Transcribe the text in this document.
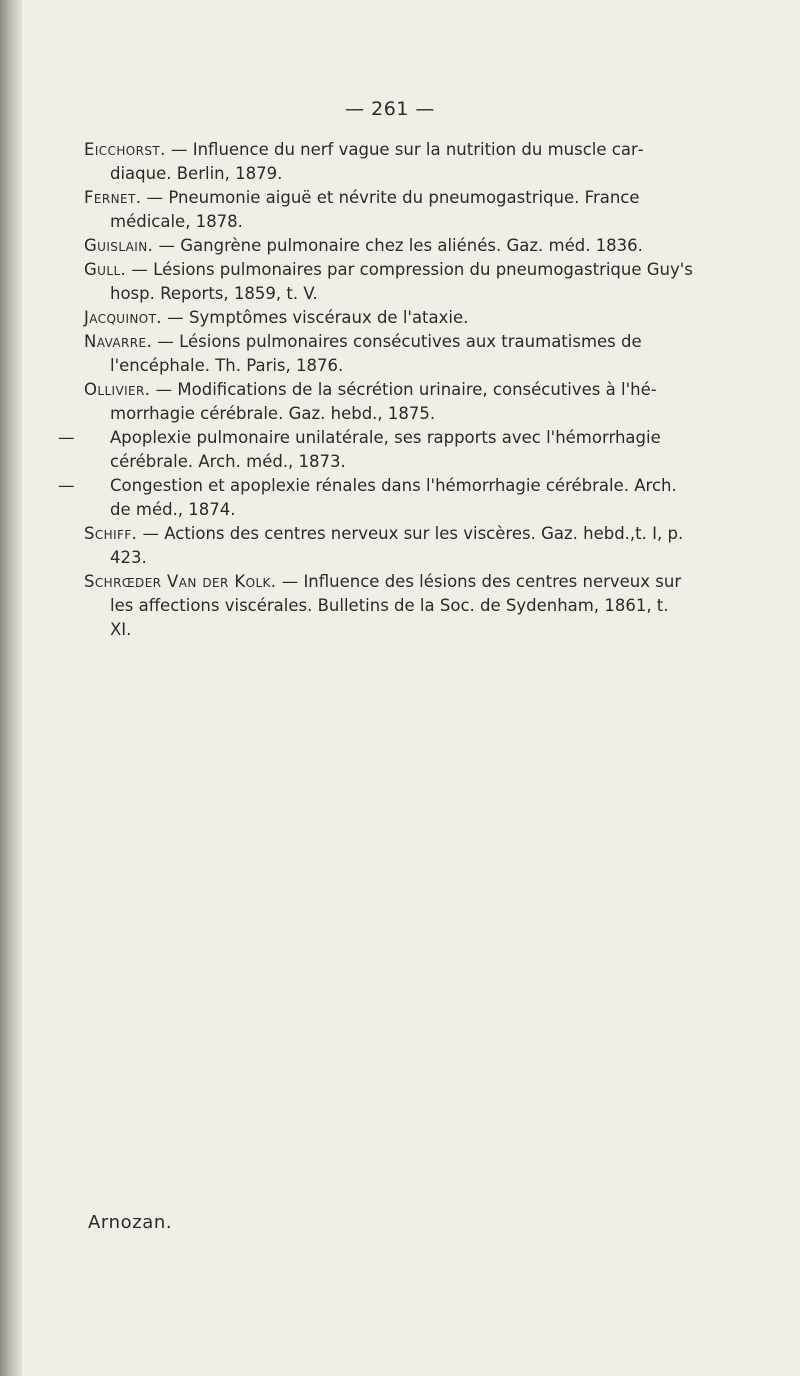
— 261 —

Eicchorst. — Influence du nerf vague sur la nutrition du muscle cardiaque. Berlin, 1879.

Fernet. — Pneumonie aiguë et névrite du pneumogastrique. France médicale, 1878.

Guislain. — Gangrène pulmonaire chez les aliénés. Gaz. méd. 1836.

Gull. — Lésions pulmonaires par compression du pneumogastrique Guy's hosp. Reports, 1859, t. V.

Jacquinot. — Symptômes viscéraux de l'ataxie.

Navarre. — Lésions pulmonaires consécutives aux traumatismes de l'encéphale. Th. Paris, 1876.

Ollivier. — Modifications de la sécrétion urinaire, consécutives à l'hémorrhagie cérébrale. Gaz. hebd., 1875.

— Apoplexie pulmonaire unilatérale, ses rapports avec l'hémorrhagie cérébrale. Arch. méd., 1873.

— Congestion et apoplexie rénales dans l'hémorrhagie cérébrale. Arch. de méd., 1874.

Schiff. — Actions des centres nerveux sur les viscères. Gaz. hebd.,t. I, p. 423.

Schrœder Van der Kolk. — Influence des lésions des centres nerveux sur les affections viscérales. Bulletins de la Soc. de Sydenham, 1861, t. XI.

Arnozan.
